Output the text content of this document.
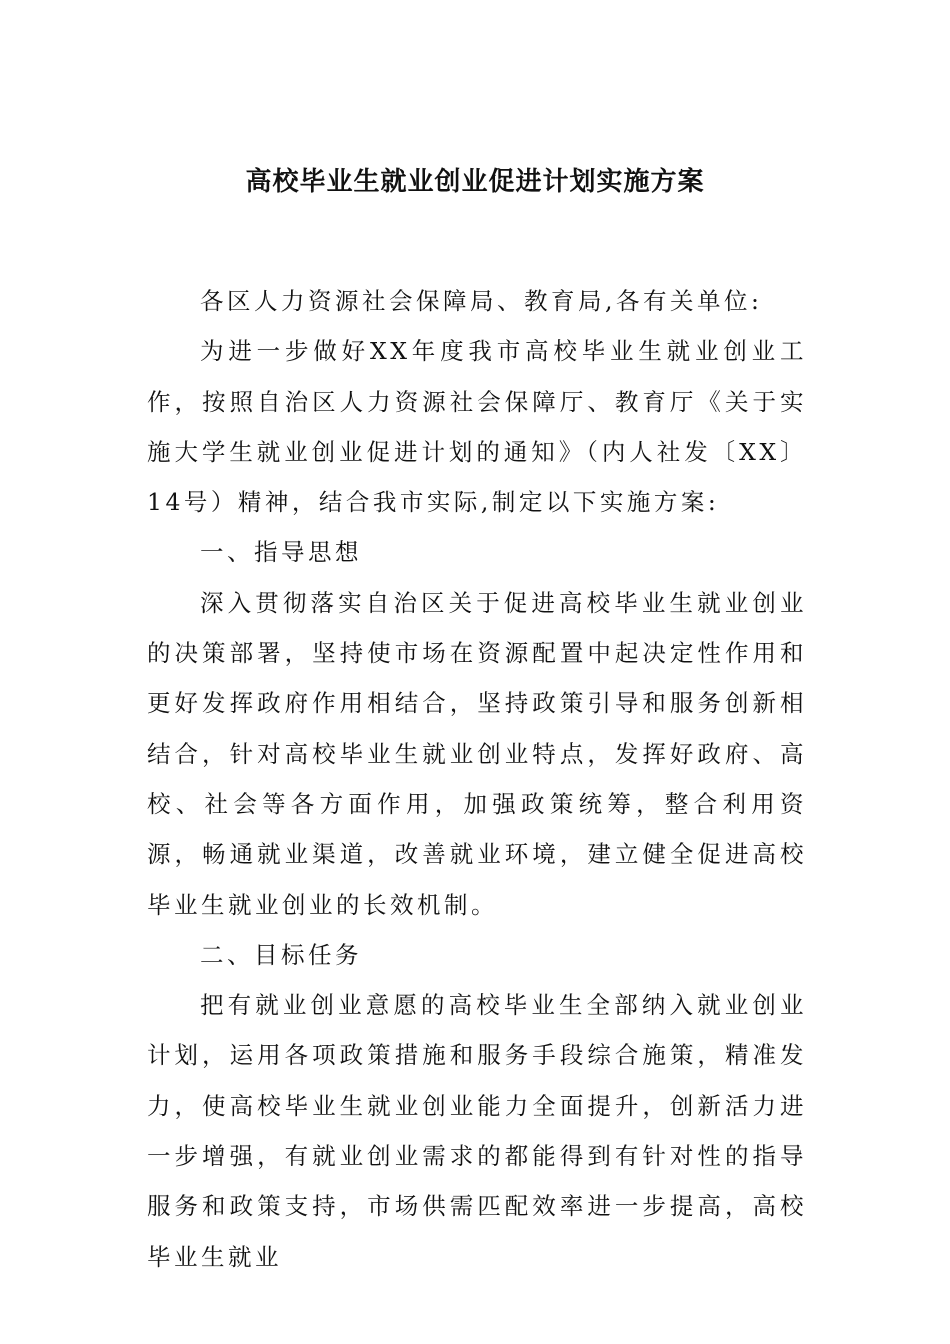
高校毕业生就业创业促进计划实施方案

各区人力资源社会保障局、教育局,各有关单位:

为进一步做好XX年度我市高校毕业生就业创业工作，按照自治区人力资源社会保障厅、教育厅《关于实施大学生就业创业促进计划的通知》（内人社发〔XX〕14号）精神，结合我市实际,制定以下实施方案:

一、指导思想

深入贯彻落实自治区关于促进高校毕业生就业创业的决策部署，坚持使市场在资源配置中起决定性作用和更好发挥政府作用相结合，坚持政策引导和服务创新相结合，针对高校毕业生就业创业特点，发挥好政府、高校、社会等各方面作用，加强政策统筹，整合利用资源，畅通就业渠道，改善就业环境，建立健全促进高校毕业生就业创业的长效机制。

二、目标任务

把有就业创业意愿的高校毕业生全部纳入就业创业计划，运用各项政策措施和服务手段综合施策，精准发力，使高校毕业生就业创业能力全面提升，创新活力进一步增强，有就业创业需求的都能得到有针对性的指导服务和政策支持，市场供需匹配效率进一步提高，高校毕业生就业
